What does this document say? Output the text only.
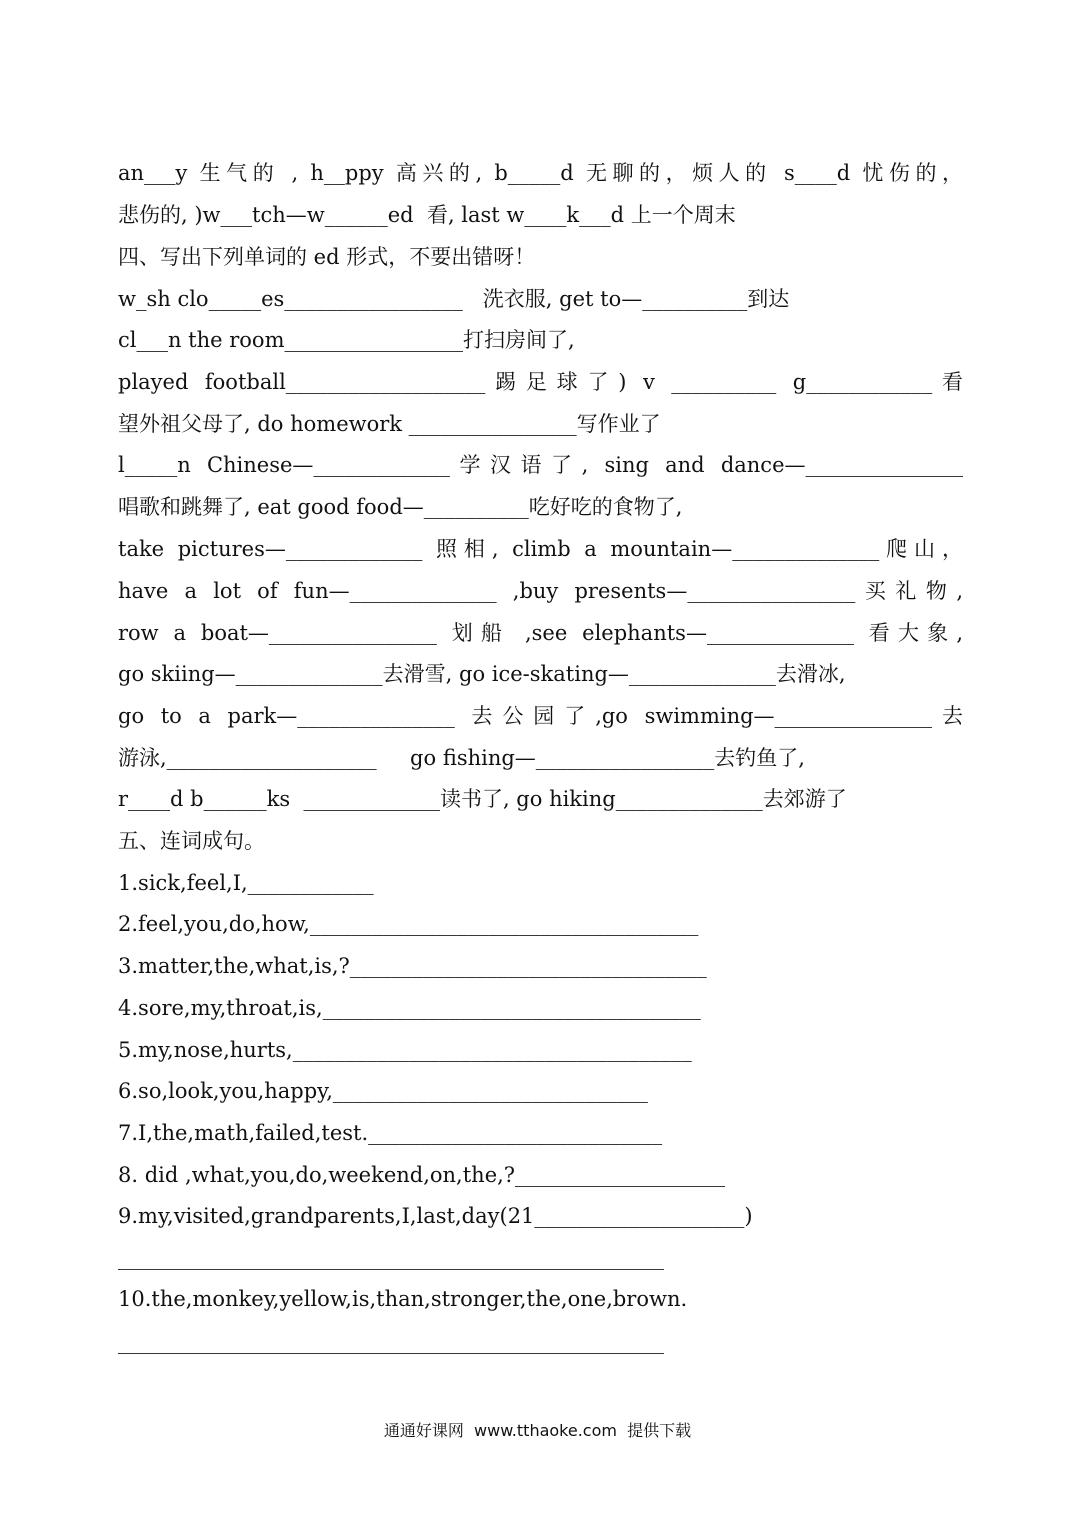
an___y 生气的 , h__ppy 高兴的, b_____d 无聊的，烦人的 s____d 忧伤的，
悲伤的, )w___tch—w______ed  看, last w____k___d 上一个周末
四、写出下列单词的 ed 形式，不要出错呀！
w_sh clo_____es_________________   洗衣服, get to—__________到达
cl___n the room_________________打扫房间了,
played football___________________踢足球了) v __________ g____________看
望外祖父母了, do homework ________________写作业了
l_____n Chinese—_____________学汉语了, sing and dance—_______________
唱歌和跳舞了, eat good food—__________吃好吃的食物了,
take pictures—_____________ 照相, climb a mountain—______________爬山，
have a lot of fun—______________ ,buy presents—________________买礼物,
row a boat—________________ 划船 ,see elephants—______________ 看大象,
go skiing—______________去滑雪, go ice-skating—______________去滑冰,
go to a park—_______________ 去公园了,go swimming—_______________去
游泳,____________________     go fishing—_________________去钓鱼了,
r____d b______ks  _____________读书了, go hiking______________去郊游了
五、连词成句。
1.sick,feel,I,____________
2.feel,you,do,how,_____________________________________
3.matter,the,what,is,?__________________________________
4.sore,my,throat,is,____________________________________
5.my,nose,hurts,______________________________________
6.so,look,you,happy,______________________________
7.I,the,math,failed,test.____________________________
8. did ,what,you,do,weekend,on,the,?____________________
9.my,visited,grandparents,I,last,day(21____________________)
____________________________________________________
10.the,monkey,yellow,is,than,stronger,the,one,brown.
____________________________________________________
通通好课网  www.tthaoke.com  提供下载
